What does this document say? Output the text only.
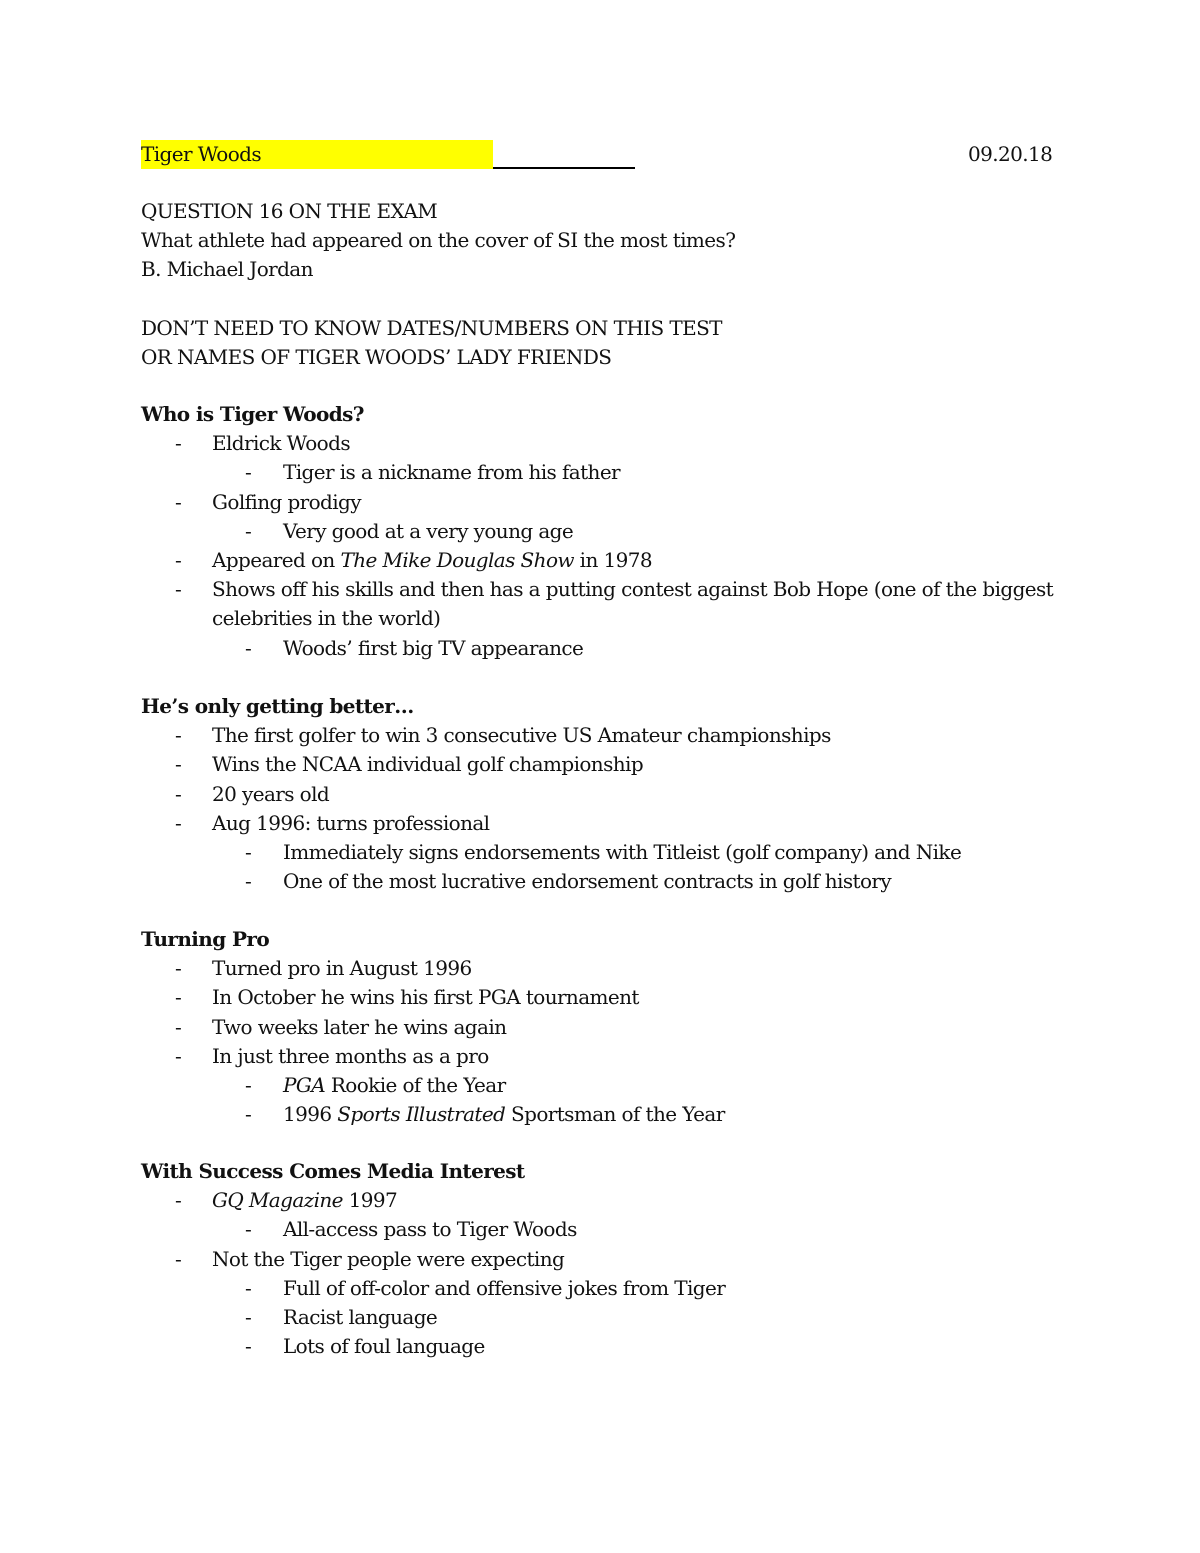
Tiger Woods	09.20.18
QUESTION 16 ON THE EXAM
What athlete had appeared on the cover of SI the most times?
B. Michael Jordan
DON’T NEED TO KNOW DATES/NUMBERS ON THIS TEST
OR NAMES OF TIGER WOODS’ LADY FRIENDS
Who is Tiger Woods?
- Eldrick Woods
- Tiger is a nickname from his father
- Golfing prodigy
- Very good at a very young age
- Appeared on The Mike Douglas Show in 1978
- Shows off his skills and then has a putting contest against Bob Hope (one of the biggest celebrities in the world)
- Woods’ first big TV appearance
He’s only getting better…
- The first golfer to win 3 consecutive US Amateur championships
- Wins the NCAA individual golf championship
- 20 years old
- Aug 1996: turns professional
- Immediately signs endorsements with Titleist (golf company) and Nike
- One of the most lucrative endorsement contracts in golf history
Turning Pro
- Turned pro in August 1996
- In October he wins his first PGA tournament
- Two weeks later he wins again
- In just three months as a pro
- PGA Rookie of the Year
- 1996 Sports Illustrated Sportsman of the Year
With Success Comes Media Interest
- GQ Magazine 1997
- All-access pass to Tiger Woods
- Not the Tiger people were expecting
- Full of off-color and offensive jokes from Tiger
- Racist language
- Lots of foul language
